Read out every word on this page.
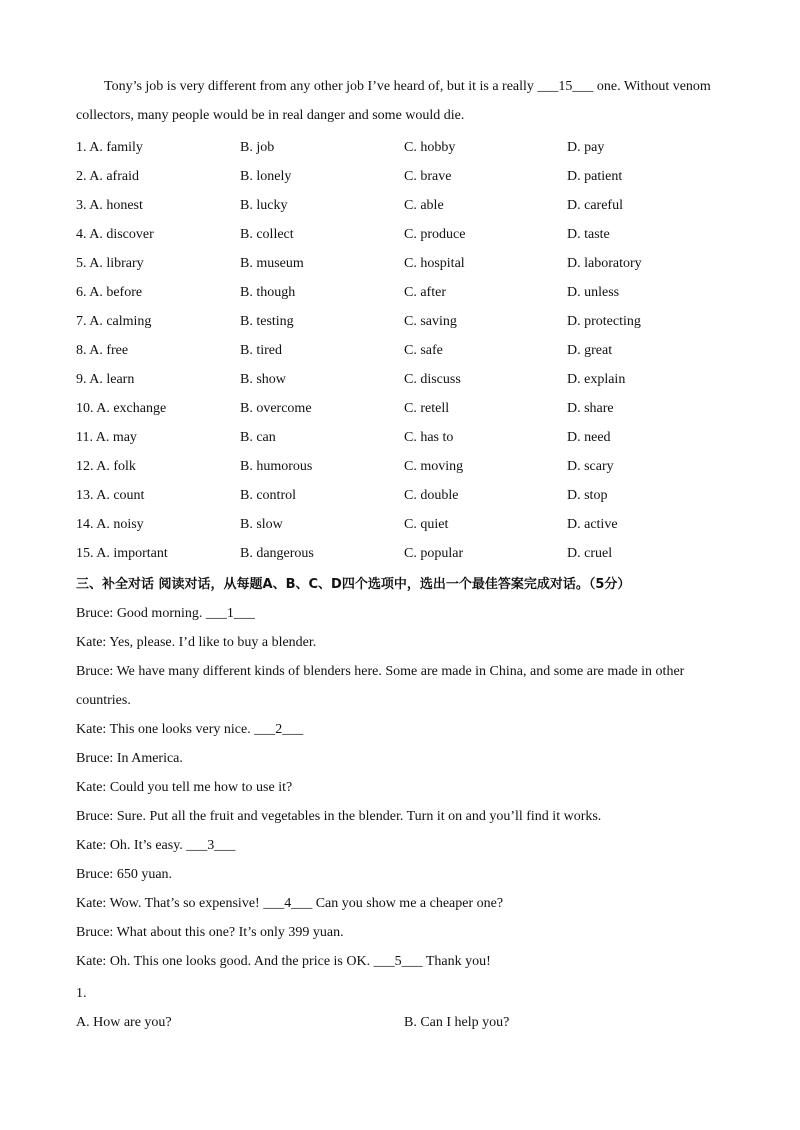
Tony’s job is very different from any other job I’ve heard of, but it is a really ___15___ one. Without venom
collectors, many people would be in real danger and some would die.

1. A. family	B. job	C. hobby	D. pay
2. A. afraid	B. lonely	C. brave	D. patient
3. A. honest	B. lucky	C. able	D. careful
4. A. discover	B. collect	C. produce	D. taste
5. A. library	B. museum	C. hospital	D. laboratory
6. A. before	B. though	C. after	D. unless
7. A. calming	B. testing	C. saving	D. protecting
8. A. free	B. tired	C. safe	D. great
9. A. learn	B. show	C. discuss	D. explain
10. A. exchange	B. overcome	C. retell	D. share
11. A. may	B. can	C. has to	D. need
12. A. folk	B. humorous	C. moving	D. scary
13. A. count	B. control	C. double	D. stop
14. A. noisy	B. slow	C. quiet	D. active
15. A. important	B. dangerous	C. popular	D. cruel
三、补全对话 阅读对话，从每题A、B、C、D四个选项中，选出一个最佳答案完成对话。（5分）
Bruce: Good morning. ___1___
Kate: Yes, please. I’d like to buy a blender.
Bruce: We have many different kinds of blenders here. Some are made in China, and some are made in other countries.
Kate: This one looks very nice. ___2___
Bruce: In America.
Kate: Could you tell me how to use it?
Bruce: Sure. Put all the fruit and vegetables in the blender. Turn it on and you’ll find it works.
Kate: Oh. It’s easy. ___3___
Bruce: 650 yuan.
Kate: Wow. That’s so expensive! ___4___ Can you show me a cheaper one?
Bruce: What about this one? It’s only 399 yuan.
Kate: Oh. This one looks good. And the price is OK. ___5___ Thank you!
1.
A. How are you?	B. Can I help you?
